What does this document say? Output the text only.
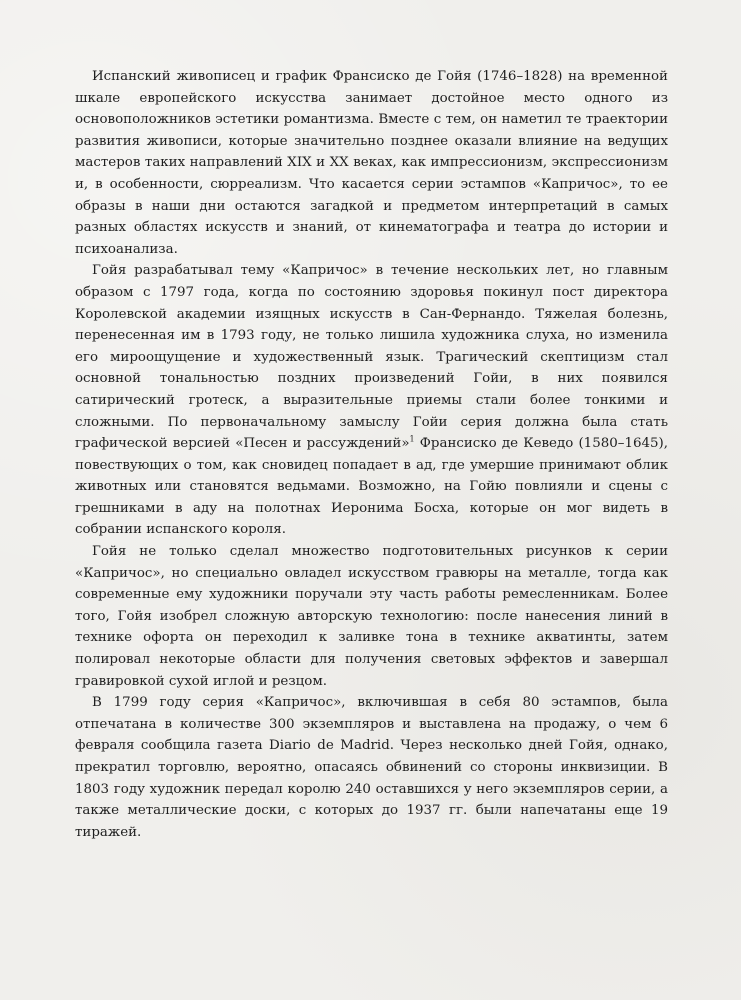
Испанский живописец и график Франсиско де Гойя (1746–1828) на временной шкале европейского искусства занимает достойное место одного из основоположников эстетики романтизма. Вместе с тем, он наметил те траектории развития живописи, которые значительно позднее оказали влияние на ведущих мастеров таких направлений XIX и XX веках, как импрессионизм, экспрессионизм и, в особенности, сюрреализм. Что касается серии эстампов «Капричос», то ее образы в наши дни остаются загадкой и предметом интерпретаций в самых разных областях искусств и знаний, от кинематографа и театра до истории и психоанализа.

Гойя разрабатывал тему «Капричос» в течение нескольких лет, но главным образом с 1797 года, когда по состоянию здоровья покинул пост директора Королевской академии изящных искусств в Сан-Фернандо. Тяжелая болезнь, перенесенная им в 1793 году, не только лишила художника слуха, но изменила его мироощущение и художественный язык. Трагический скептицизм стал основной тональностью поздних произведений Гойи, в них появился сатирический гротеск, а выразительные приемы стали более тонкими и сложными. По первоначальному замыслу Гойи серия должна была стать графической версией «Песен и рассуждений»$^1$ Франсиско де Кеведо (1580–1645), повествующих о том, как сновидец попадает в ад, где умершие принимают облик животных или становятся ведьмами. Возможно, на Гойю повлияли и сцены с грешниками в аду на полотнах Иеронима Босха, которые он мог видеть в собрании испанского короля.

Гойя не только сделал множество подготовительных рисунков к серии «Капричос», но специально овладел искусством гравюры на металле, тогда как современные ему художники поручали эту часть работы ремесленникам. Более того, Гойя изобрел сложную авторскую технологию: после нанесения линий в технике офорта он переходил к заливке тона в технике акватинты, затем полировал некоторые области для получения световых эффектов и завершал гравировкой сухой иглой и резцом.

В 1799 году серия «Капричос», включившая в себя 80 эстампов, была отпечатана в количестве 300 экземпляров и выставлена на продажу, о чем 6 февраля сообщила газета Diario de Madrid. Через несколько дней Гойя, однако, прекратил торговлю, вероятно, опасаясь обвинений со стороны инквизиции. В 1803 году художник передал королю 240 оставшихся у него экземпляров серии, а также металлические доски, с которых до 1937 гг. были напечатаны еще 19 тиражей.
